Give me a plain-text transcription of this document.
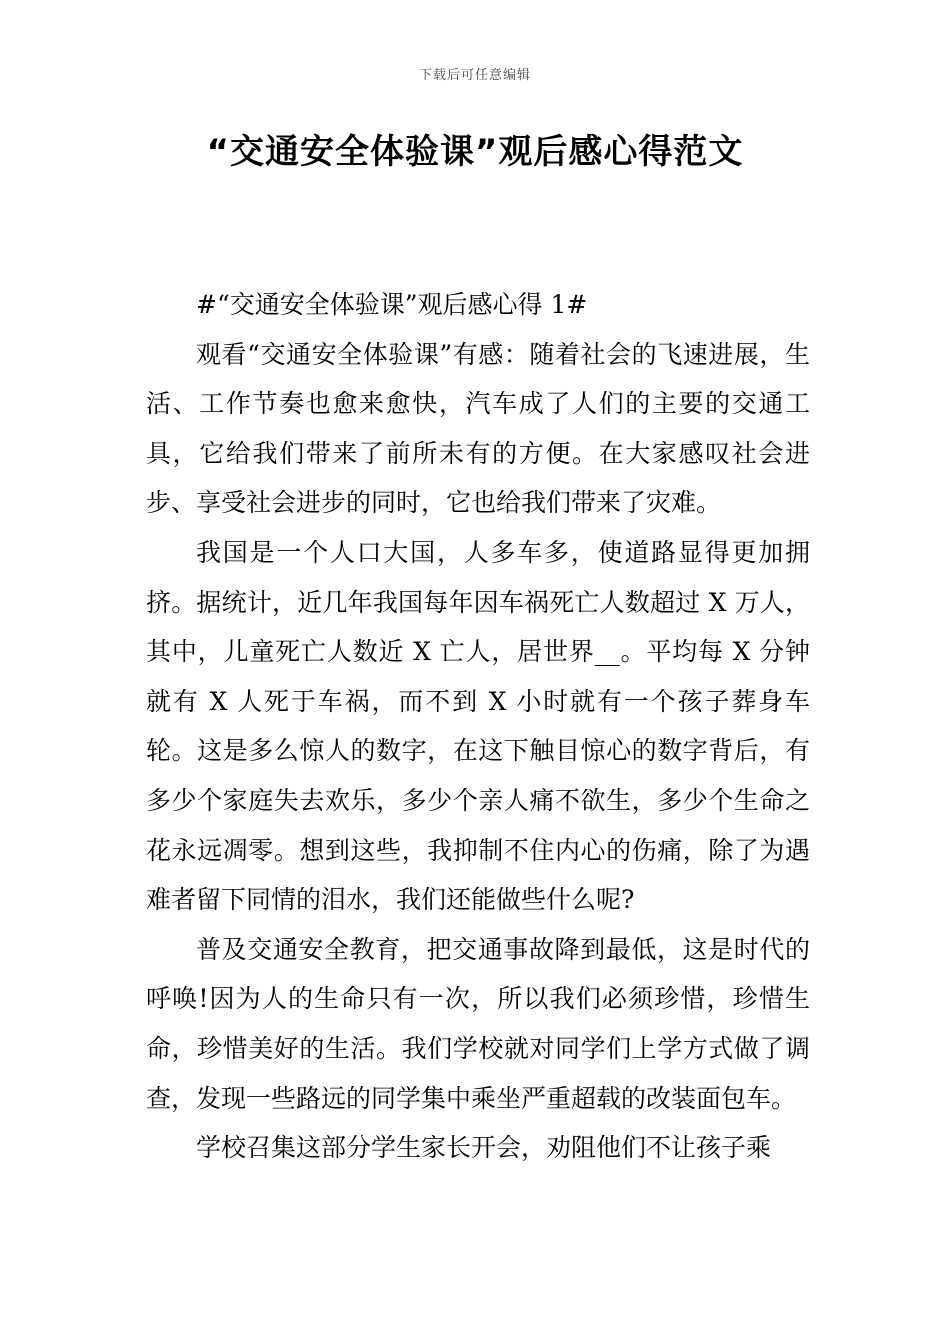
下载后可任意编辑
“交通安全体验课”观后感心得范文
#“交通安全体验课”观后感心得 1#

观看“交通安全体验课”有感：随着社会的飞速进展，生活、工作节奏也愈来愈快，汽车成了人们的主要的交通工具，它给我们带来了前所未有的方便。在大家感叹社会进步、享受社会进步的同时，它也给我们带来了灾难。

我国是一个人口大国，人多车多，使道路显得更加拥挤。据统计，近几年我国每年因车祸死亡人数超过 X 万人，其中，儿童死亡人数近 X 亡人，居世界__。平均每 X 分钟就有 X 人死于车祸，而不到 X 小时就有一个孩子葬身车轮。这是多么惊人的数字，在这下触目惊心的数字背后，有多少个家庭失去欢乐，多少个亲人痛不欲生，多少个生命之花永远凋零。想到这些，我抑制不住内心的伤痛，除了为遇难者留下同情的泪水，我们还能做些什么呢?

普及交通安全教育，把交通事故降到最低，这是时代的呼唤!因为人的生命只有一次，所以我们必须珍惜，珍惜生命，珍惜美好的生活。我们学校就对同学们上学方式做了调查，发现一些路远的同学集中乘坐严重超载的改装面包车。

学校召集这部分学生家长开会，劝阻他们不让孩子乘
